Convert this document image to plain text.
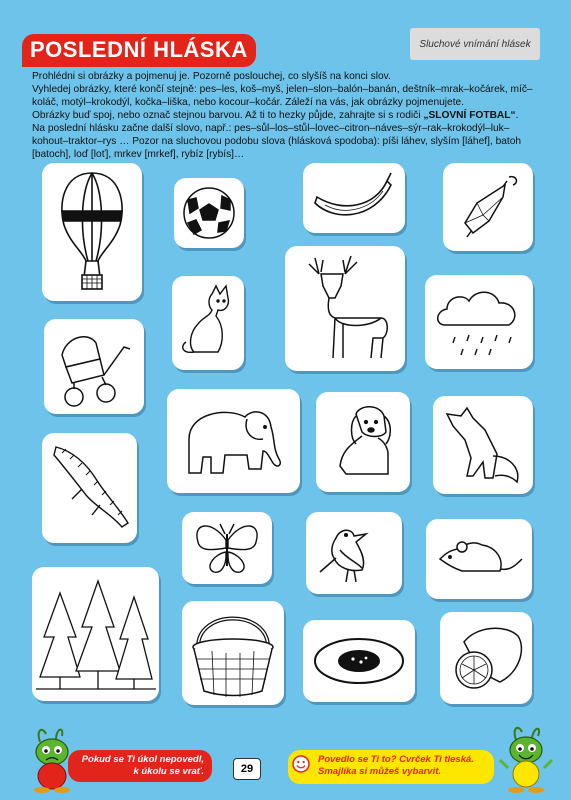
POSLEDNÍ HLÁSKA	Sluchové vnímání hlásek

Prohlédni si obrázky a pojmenuj je. Pozorně poslouchej, co slyšíš na konci slov.

Vyhledej obrázky, které končí stejně: pes–les, koš–myš, jelen–slon–balón–banán, deštník–mrak–kočárek, míč–koláč, motýl–krokodýl, kočka–liška, nebo kocour–kočár. Záleží na vás, jak obrázky pojmenujete.

Obrázky buď spoj, nebo označ stejnou barvou. Až ti to hezky půjde, zahrajte si s rodiči „SLOVNÍ FOTBAL“.

Na poslední hlásku začne další slovo, např.: pes–sůl–los–stůl–lovec–citron–náves–sýr–rak–krokodýl–luk–kohout–traktor–rys … Pozor na sluchovou podobu slova (hlásková spodoba): píši láhev, slyším [láhef], batoh [batoch], loď [loť], mrkev [mrkef], rybíz [rybís]…

Pokud se Ti úkol nepovedl,
k úkolu se vrať.	29
Povedlo se Ti to? Cvrček Ti tleská.
Smajlíka si můžeš vybarvit.
